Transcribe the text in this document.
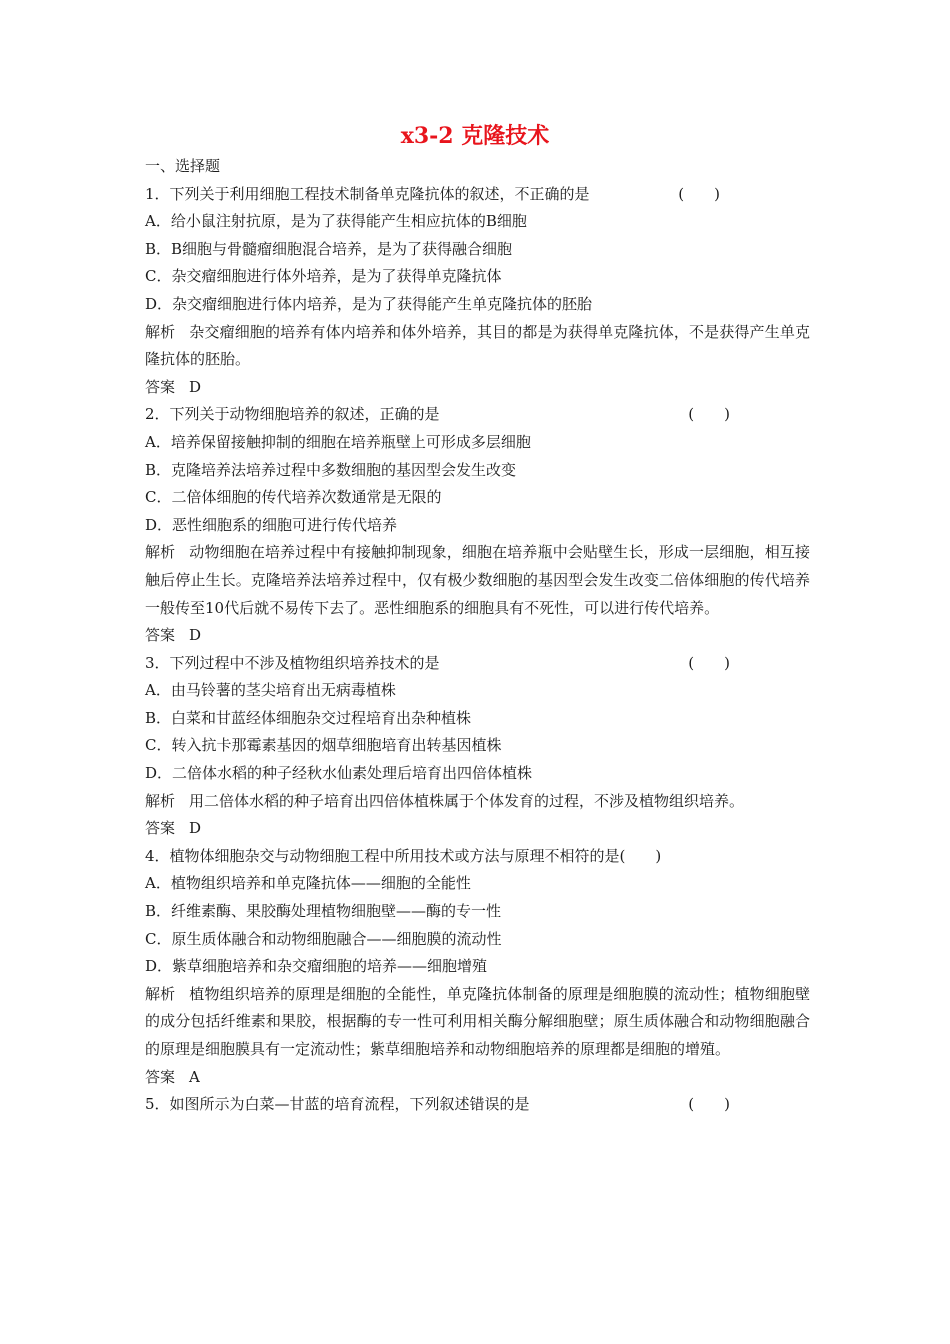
x3-2 克隆技术
一、选择题
1．下列关于利用细胞工程技术制备单克隆抗体的叙述，不正确的是	(　　)
A．给小鼠注射抗原，是为了获得能产生相应抗体的B细胞
B．B细胞与骨髓瘤细胞混合培养，是为了获得融合细胞
C．杂交瘤细胞进行体外培养，是为了获得单克隆抗体
D．杂交瘤细胞进行体内培养，是为了获得能产生单克隆抗体的胚胎
解析 杂交瘤细胞的培养有体内培养和体外培养，其目的都是为获得单克隆抗体，不是获得产生单克隆抗体的胚胎。
答案 D
2．下列关于动物细胞培养的叙述，正确的是	(　　)
A．培养保留接触抑制的细胞在培养瓶壁上可形成多层细胞
B．克隆培养法培养过程中多数细胞的基因型会发生改变
C．二倍体细胞的传代培养次数通常是无限的
D．恶性细胞系的细胞可进行传代培养
解析 动物细胞在培养过程中有接触抑制现象，细胞在培养瓶中会贴壁生长，形成一层细胞，相互接触后停止生长。克隆培养法培养过程中，仅有极少数细胞的基因型会发生改变二倍体细胞的传代培养一般传至10代后就不易传下去了。恶性细胞系的细胞具有不死性，可以进行传代培养。
答案 D
3．下列过程中不涉及植物组织培养技术的是	(　　)
A．由马铃薯的茎尖培育出无病毒植株
B．白菜和甘蓝经体细胞杂交过程培育出杂种植株
C．转入抗卡那霉素基因的烟草细胞培育出转基因植株
D．二倍体水稻的种子经秋水仙素处理后培育出四倍体植株
解析 用二倍体水稻的种子培育出四倍体植株属于个体发育的过程，不涉及植物组织培养。
答案 D
4．植物体细胞杂交与动物细胞工程中所用技术或方法与原理不相符的是(　　)
A．植物组织培养和单克隆抗体——细胞的全能性
B．纤维素酶、果胶酶处理植物细胞壁——酶的专一性
C．原生质体融合和动物细胞融合——细胞膜的流动性
D．紫草细胞培养和杂交瘤细胞的培养——细胞增殖
解析 植物组织培养的原理是细胞的全能性，单克隆抗体制备的原理是细胞膜的流动性；植物细胞壁的成分包括纤维素和果胶，根据酶的专一性可利用相关酶分解细胞壁；原生质体融合和动物细胞融合的原理是细胞膜具有一定流动性；紫草细胞培养和动物细胞培养的原理都是细胞的增殖。
答案 A
5．如图所示为白菜—甘蓝的培育流程，下列叙述错误的是	(　　)
